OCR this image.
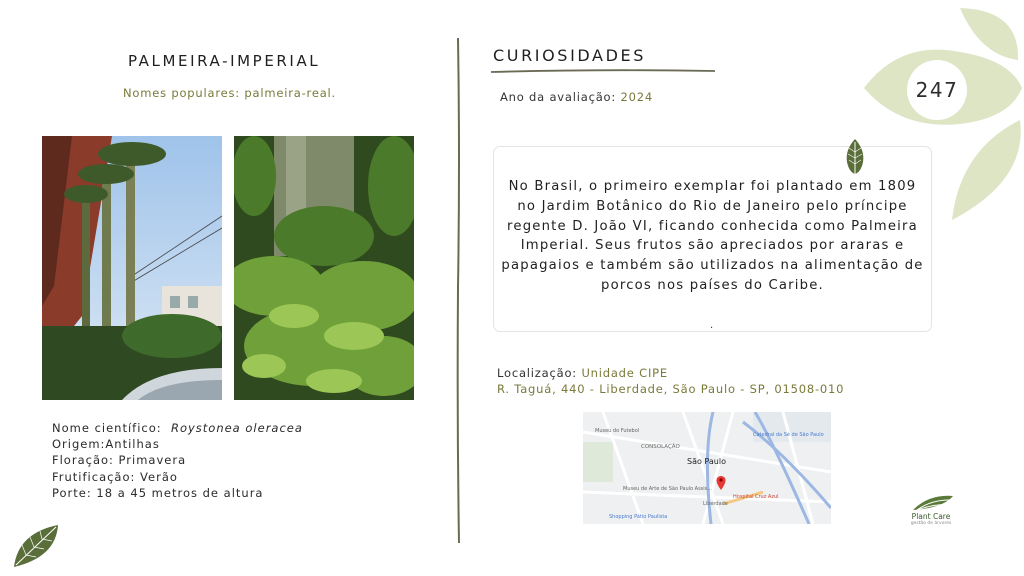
PALMEIRA-IMPERIAL
Nomes populares: palmeira-real.
Nome científico: Roystonea oleracea
Origem:Antilhas
Floração: Primavera
Frutificação: Verão
Porte: 18 a 45 metros de altura
CURIOSIDADES
Ano da avaliação: 2024	247
No Brasil, o primeiro exemplar foi plantado em 1809 no Jardim Botânico do Rio de Janeiro pelo príncipe regente D. João VI, ficando conhecida como Palmeira Imperial. Seus frutos são apreciados por araras e papagaios e também são utilizados na alimentação de porcos nos países do Caribe.
.
Localização: Unidade CIPE
R. Taguá, 440 - Liberdade, São Paulo - SP, 01508-010
Museu do Futebol
CONSOLAÇÃO
São Paulo
Museu de Arte de São Paulo Assis...
Hospital Cruz Azul
Liberdade
Shopping Pátio Paulista
Catedral da Sé de São Paulo
Plant Care
gestão de árvores
